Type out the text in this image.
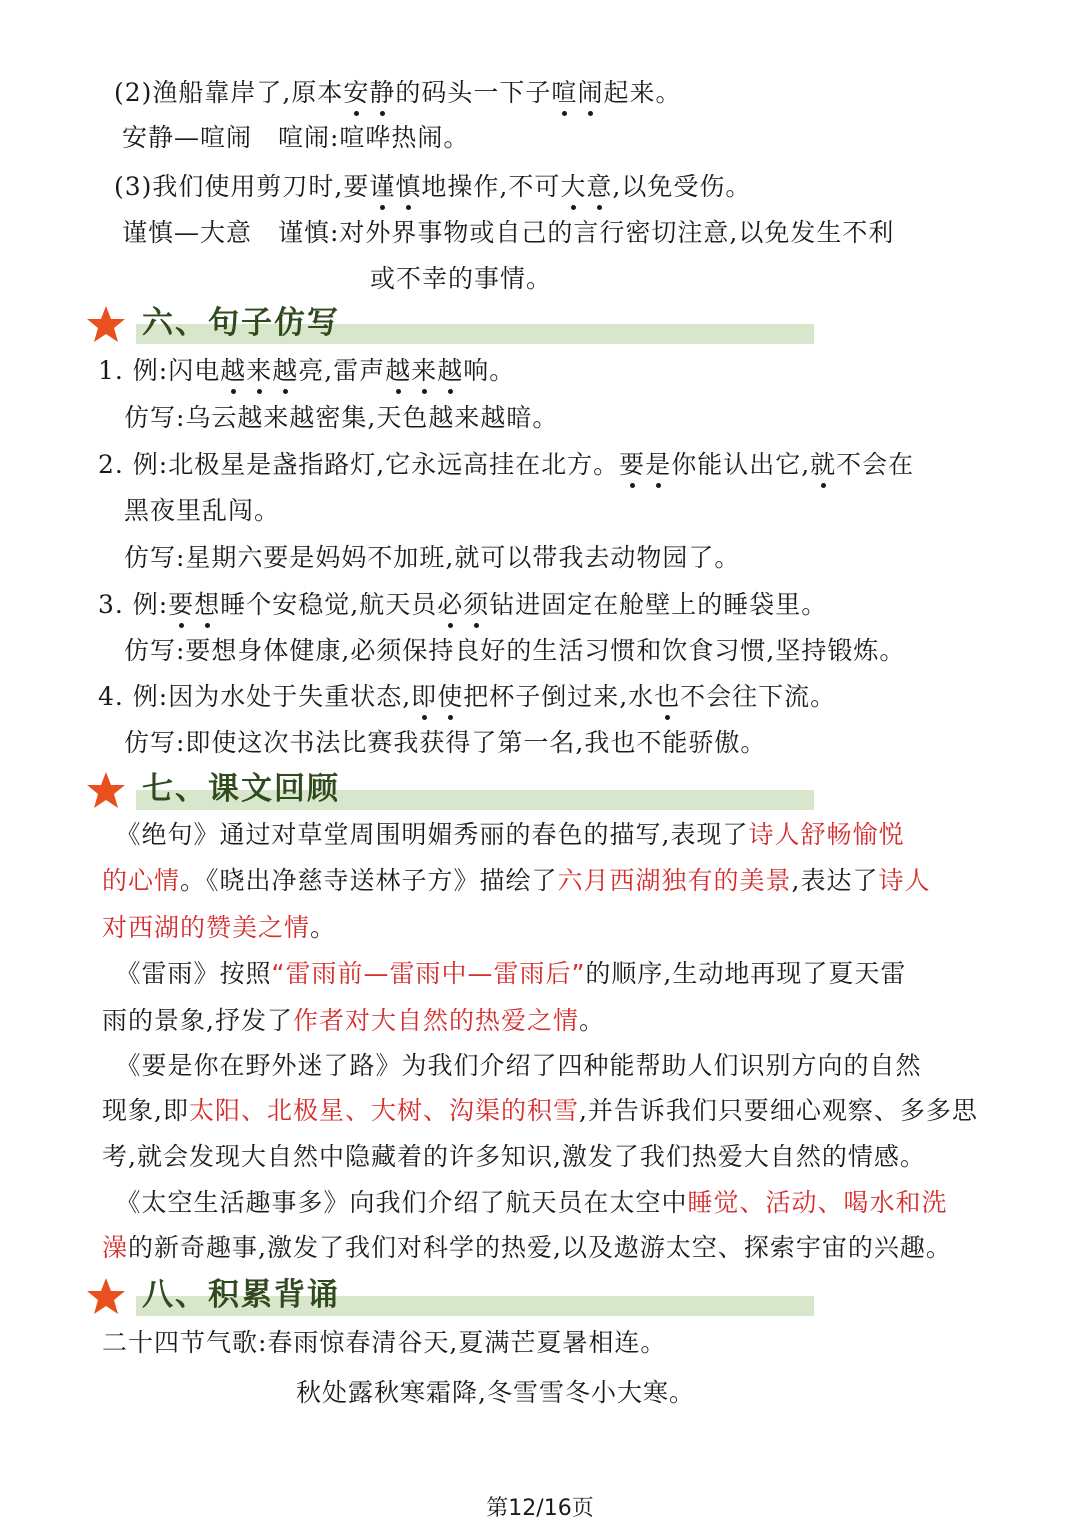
(2)渔船靠岸了,原本安静的码头一下子喧闹起来。
安静—喧闹　喧闹:喧哗热闹。
(3)我们使用剪刀时,要谨慎地操作,不可大意,以免受伤。
谨慎—大意　谨慎:对外界事物或自己的言行密切注意,以免发生不利
或不幸的事情。
六、句子仿写
1. 例:闪电越来越亮,雷声越来越响。
仿写:乌云越来越密集,天色越来越暗。
2. 例:北极星是盏指路灯,它永远高挂在北方。要是你能认出它,就不会在
黑夜里乱闯。
仿写:星期六要是妈妈不加班,就可以带我去动物园了。
3. 例:要想睡个安稳觉,航天员必须钻进固定在舱壁上的睡袋里。
仿写:要想身体健康,必须保持良好的生活习惯和饮食习惯,坚持锻炼。
4. 例:因为水处于失重状态,即使把杯子倒过来,水也不会往下流。
仿写:即使这次书法比赛我获得了第一名,我也不能骄傲。
七、课文回顾
　《绝句》通过对草堂周围明媚秀丽的春色的描写,表现了诗人舒畅愉悦
的心情。《晓出净慈寺送林子方》描绘了六月西湖独有的美景,表达了诗人
对西湖的赞美之情。
　《雷雨》按照“雷雨前—雷雨中—雷雨后”的顺序,生动地再现了夏天雷
雨的景象,抒发了作者对大自然的热爱之情。
　《要是你在野外迷了路》为我们介绍了四种能帮助人们识别方向的自然
现象,即太阳、北极星、大树、沟渠的积雪,并告诉我们只要细心观察、多多思
考,就会发现大自然中隐藏着的许多知识,激发了我们热爱大自然的情感。
　《太空生活趣事多》向我们介绍了航天员在太空中睡觉、活动、喝水和洗
澡的新奇趣事,激发了我们对科学的热爱,以及遨游太空、探索宇宙的兴趣。
八、积累背诵
二十四节气歌:春雨惊春清谷天,夏满芒夏暑相连。
秋处露秋寒霜降,冬雪雪冬小大寒。
第12/16页
